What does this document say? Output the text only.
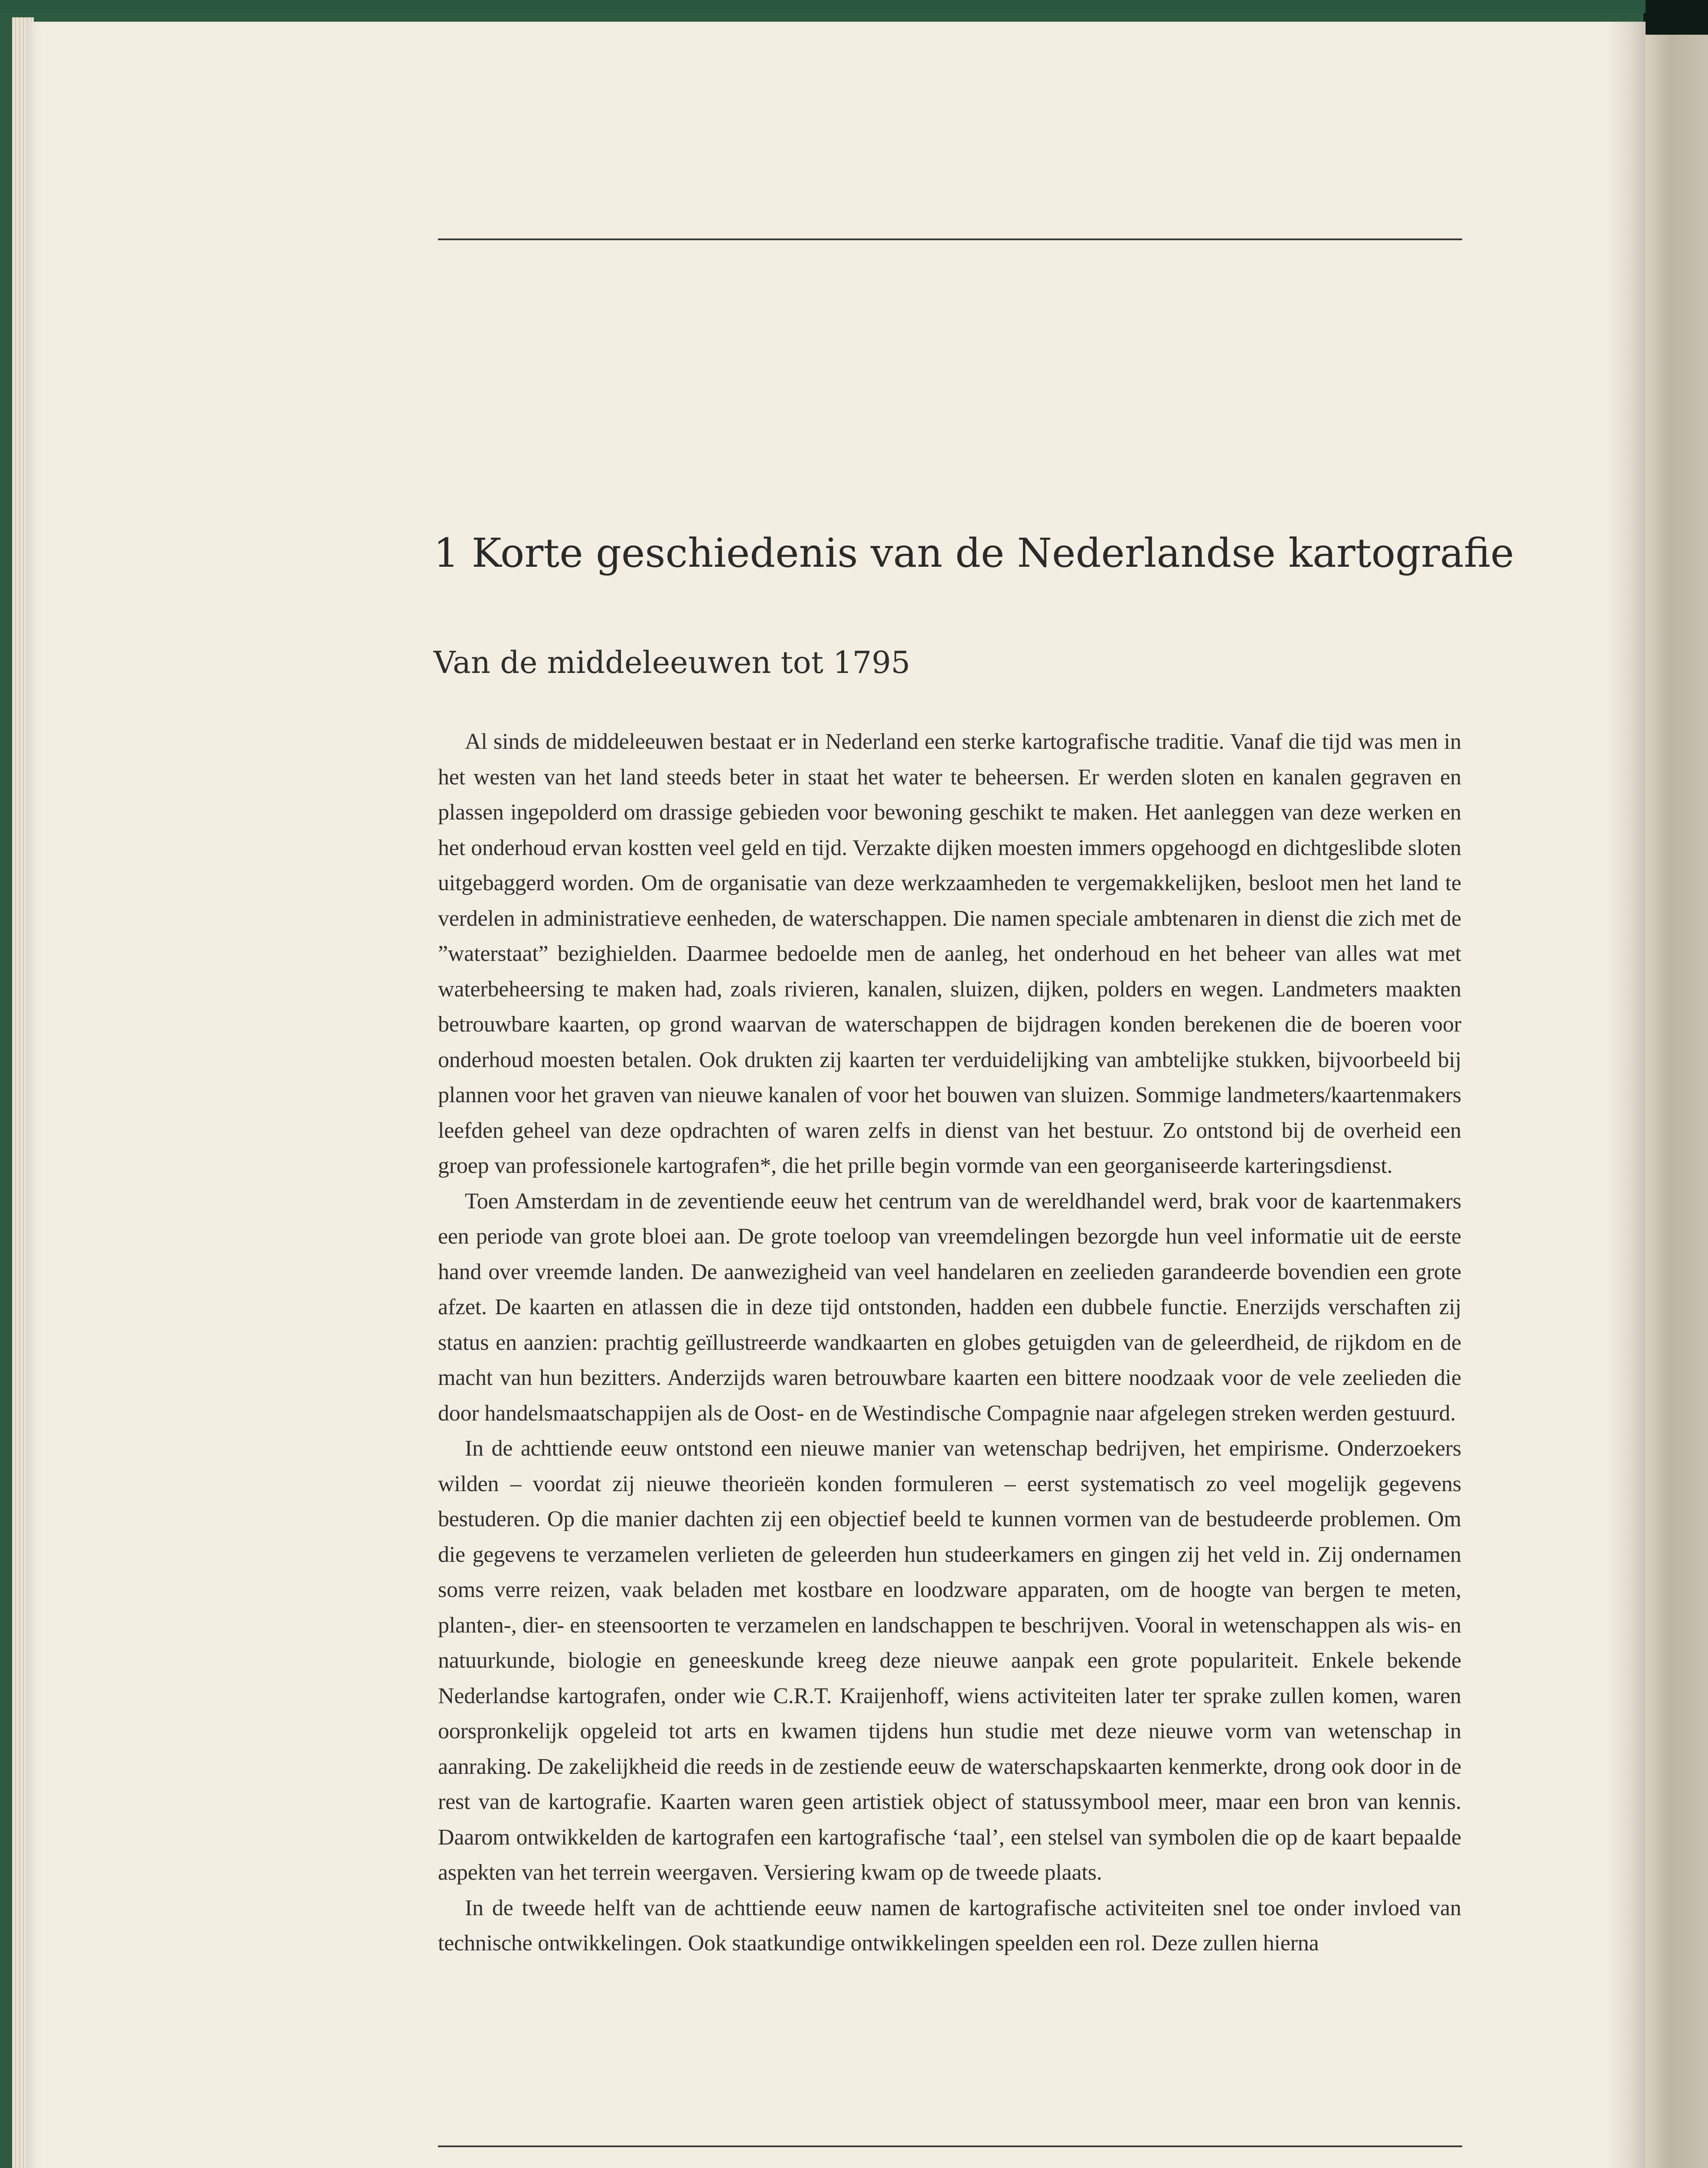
1 Korte geschiedenis van de Nederlandse kartografie
Van de middeleeuwen tot 1795

Al sinds de middeleeuwen bestaat er in Nederland een sterke kartografische traditie. Vanaf die tijd was men in het westen van het land steeds beter in staat het water te beheersen. Er werden sloten en kanalen gegraven en plassen ingepolderd om drassige gebieden voor bewoning geschikt te maken. Het aanleggen van deze werken en het onderhoud ervan kostten veel geld en tijd. Verzakte dijken moesten immers opgehoogd en dichtgeslibde sloten uitgebaggerd worden. Om de organisatie van deze werkzaamheden te vergemakkelijken, besloot men het land te verdelen in administratieve eenheden, de waterschappen. Die namen speciale ambtenaren in dienst die zich met de ”waterstaat” bezighielden. Daarmee bedoelde men de aanleg, het onderhoud en het beheer van alles wat met waterbeheersing te maken had, zoals rivieren, kanalen, sluizen, dijken, polders en wegen. Landmeters maakten betrouwbare kaarten, op grond waarvan de waterschappen de bijdragen konden berekenen die de boeren voor onderhoud moesten betalen. Ook drukten zij kaarten ter verduidelijking van ambtelijke stukken, bijvoorbeeld bij plannen voor het graven van nieuwe kanalen of voor het bouwen van sluizen. Sommige landmeters/kaartenmakers leefden geheel van deze opdrachten of waren zelfs in dienst van het bestuur. Zo ontstond bij de overheid een groep van professionele kartografen*, die het prille begin vormde van een georganiseerde karteringsdienst.

Toen Amsterdam in de zeventiende eeuw het centrum van de wereldhandel werd, brak voor de kaartenmakers een periode van grote bloei aan. De grote toeloop van vreemdelingen bezorgde hun veel informatie uit de eerste hand over vreemde landen. De aanwezigheid van veel handelaren en zeelieden garandeerde bovendien een grote afzet. De kaarten en atlassen die in deze tijd ontstonden, hadden een dubbele functie. Enerzijds verschaften zij status en aanzien: prachtig geïllustreerde wandkaarten en globes getuigden van de geleerdheid, de rijkdom en de macht van hun bezitters. Anderzijds waren betrouwbare kaarten een bittere noodzaak voor de vele zeelieden die door handelsmaatschappijen als de Oost- en de Westindische Compagnie naar afgelegen streken werden gestuurd.

In de achttiende eeuw ontstond een nieuwe manier van wetenschap bedrijven, het empirisme. Onderzoekers wilden – voordat zij nieuwe theorieën konden formuleren – eerst systematisch zo veel mogelijk gegevens bestuderen. Op die manier dachten zij een objectief beeld te kunnen vormen van de bestudeerde problemen. Om die gegevens te verzamelen verlieten de geleerden hun studeerkamers en gingen zij het veld in. Zij ondernamen soms verre reizen, vaak beladen met kostbare en loodzware apparaten, om de hoogte van bergen te meten, planten-, dier- en steensoorten te verzamelen en landschappen te beschrijven. Vooral in wetenschappen als wis- en natuurkunde, biologie en geneeskunde kreeg deze nieuwe aanpak een grote populariteit. Enkele bekende Nederlandse kartografen, onder wie C.R.T. Kraijenhoff, wiens activiteiten later ter sprake zullen komen, waren oorspronkelijk opgeleid tot arts en kwamen tijdens hun studie met deze nieuwe vorm van wetenschap in aanraking. De zakelijkheid die reeds in de zestiende eeuw de waterschapskaarten kenmerkte, drong ook door in de rest van de kartografie. Kaarten waren geen artistiek object of statussymbool meer, maar een bron van kennis. Daarom ontwikkelden de kartografen een kartografische ‘taal’, een stelsel van symbolen die op de kaart bepaalde aspekten van het terrein weergaven. Versiering kwam op de tweede plaats.

In de tweede helft van de achttiende eeuw namen de kartografische activiteiten snel toe onder invloed van technische ontwikkelingen. Ook staatkundige ontwikkelingen speelden een rol. Deze zullen hierna
